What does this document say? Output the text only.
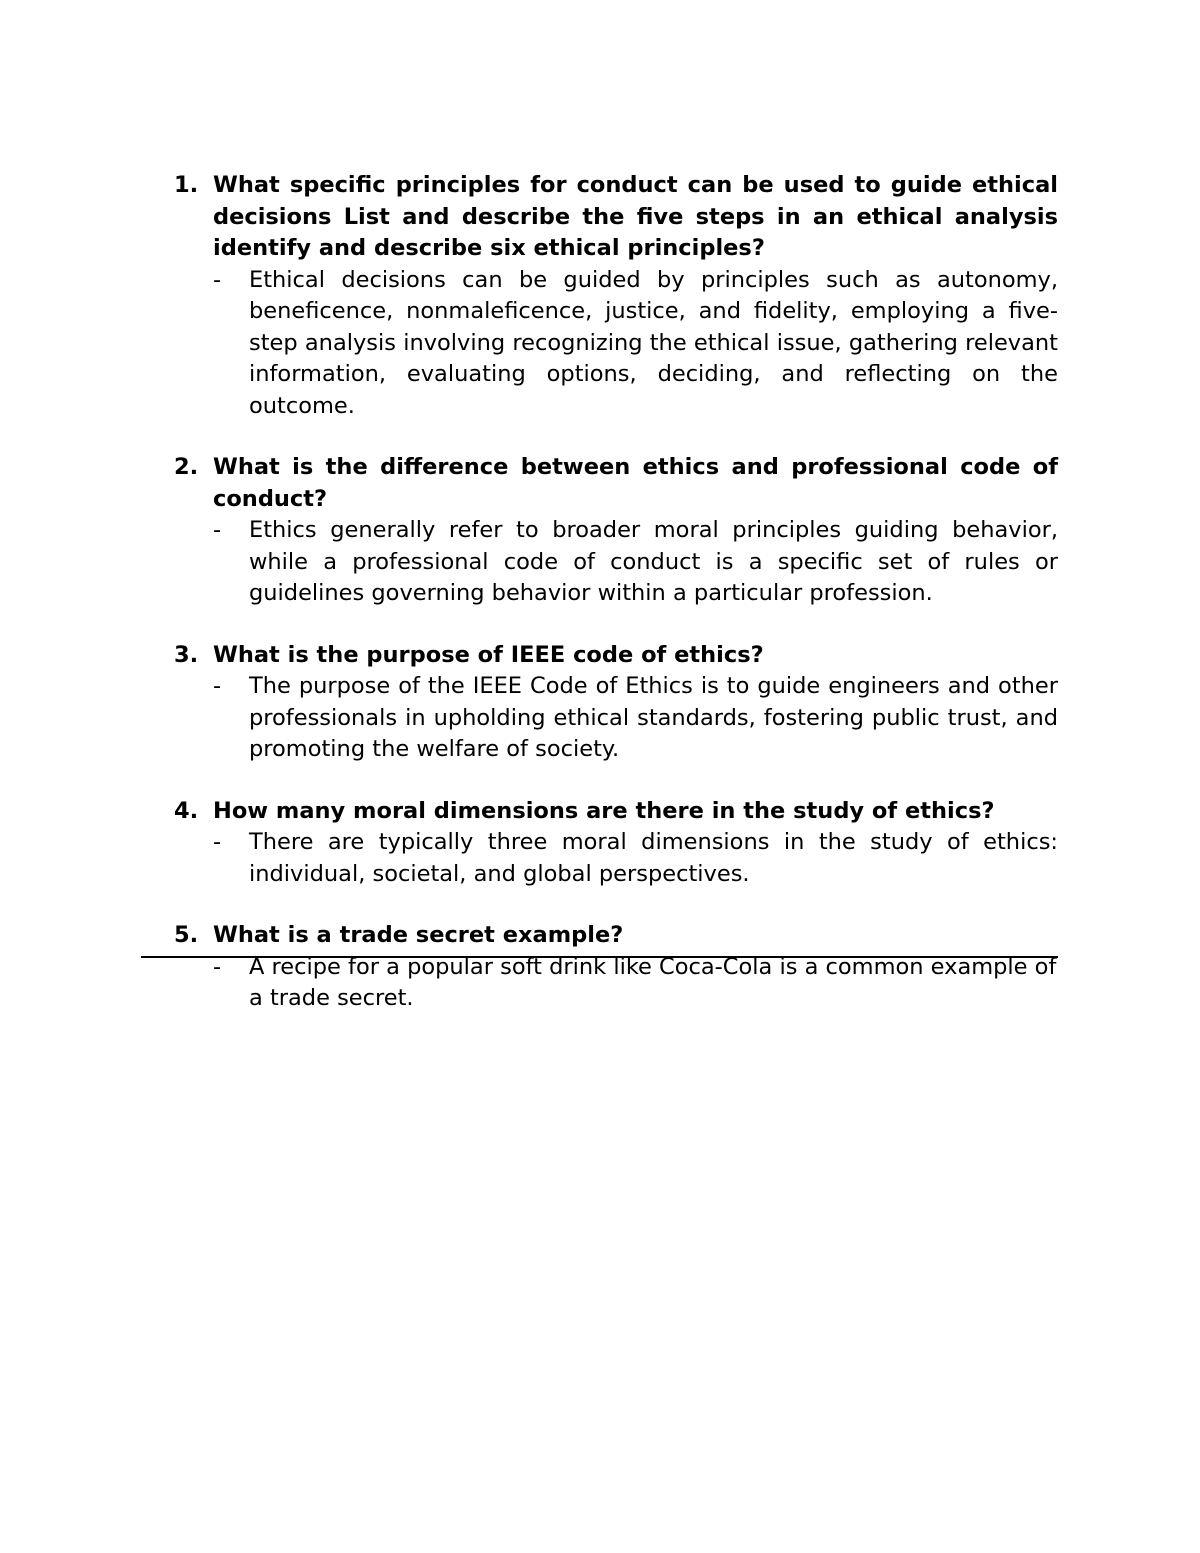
1. What specific principles for conduct can be used to guide ethical decisions List and describe the five steps in an ethical analysis identify and describe six ethical principles?

- Ethical decisions can be guided by principles such as autonomy, beneficence, nonmaleficence, justice, and fidelity, employing a five-step analysis involving recognizing the ethical issue, gathering relevant information, evaluating options, deciding, and reflecting on the outcome.
2. What is the difference between ethics and professional code of conduct?

- Ethics generally refer to broader moral principles guiding behavior, while a professional code of conduct is a specific set of rules or guidelines governing behavior within a particular profession.
3. What is the purpose of IEEE code of ethics?

- The purpose of the IEEE Code of Ethics is to guide engineers and other professionals in upholding ethical standards, fostering public trust, and promoting the welfare of society.
4. How many moral dimensions are there in the study of ethics?

- There are typically three moral dimensions in the study of ethics: individual, societal, and global perspectives.
5. What is a trade secret example?

- A recipe for a popular soft drink like Coca-Cola is a common example of a trade secret.
